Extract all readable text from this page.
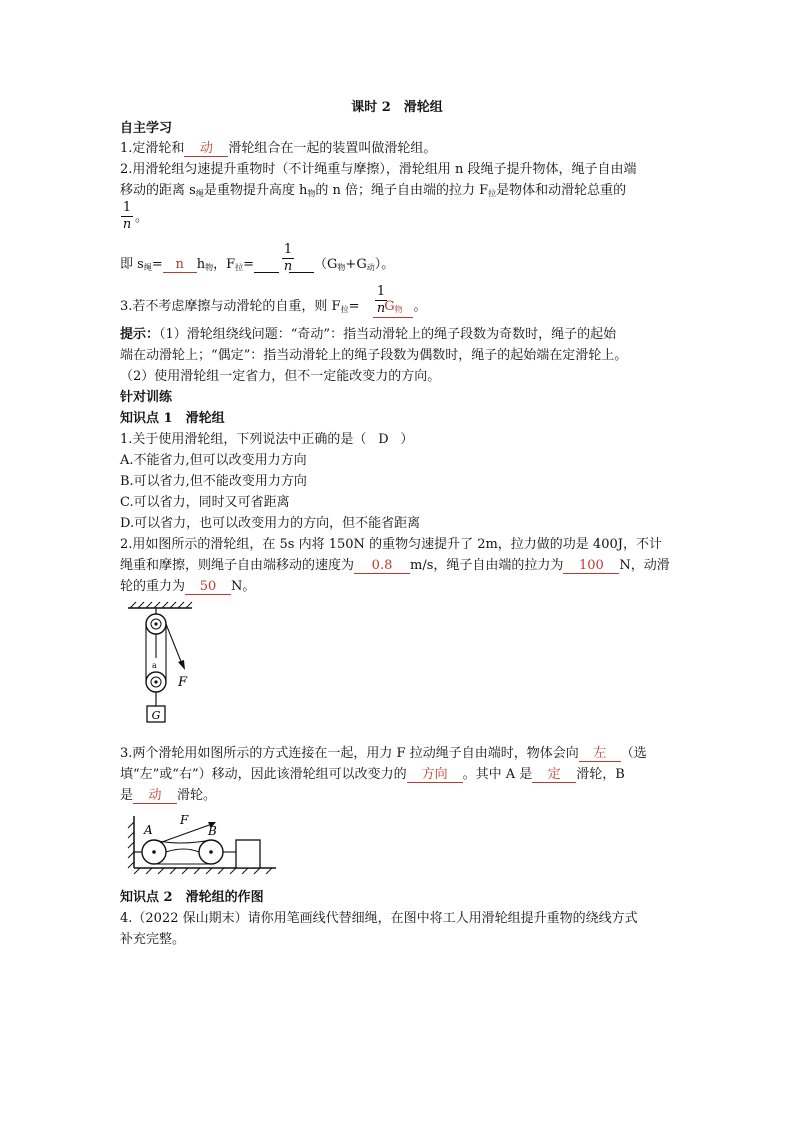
课时 2　滑轮组
自主学习
1.定滑轮和 动 滑轮组合在一起的装置叫做滑轮组。
2.用滑轮组匀速提升重物时（不计绳重与摩擦），滑轮组用 n 段绳子提升物体，绳子自由端
移动的距离 $s_绳$是重物提升高度 $h_物$的 n 倍；绳子自由端的拉力 $F_拉$是物体和动滑轮总重的
1
n 。
即 $s_绳= n$ $h_物$，$F_拉=$	$(G_物+G_动)$。
1
n
3.若不考虑摩擦与动滑轮的自重，则 $F_拉= G_物$ 。
1
n
提示：（1）滑轮组绕线问题：“奇动”：指当动滑轮上的绳子段数为奇数时，绳子的起始
端在动滑轮上；“偶定”：指当动滑轮上的绳子段数为偶数时，绳子的起始端在定滑轮上。
（2）使用滑轮组一定省力，但不一定能改变力的方向。
针对训练
知识点 1　滑轮组
1.关于使用滑轮组，下列说法中正确的是（ D ）
A.不能省力,但可以改变用力方向
B.可以省力,但不能改变用力方向
C.可以省力，同时又可省距离
D.可以省力，也可以改变用力的方向，但不能省距离
2.用如图所示的滑轮组，在 5s 内将 150N 的重物匀速提升了 2m，拉力做的功是 400J，不计
绳重和摩擦，则绳子自由端移动的速度为 0.8 m/s，绳子自由端的拉力为 100 N，动滑
轮的重力为 50 N。
F
a
G
3.两个滑轮用如图所示的方式连接在一起，用力 F 拉动绳子自由端时，物体会向 左 （选
填“左”或“右”）移动，因此该滑轮组可以改变力的 方向 。其中 A 是 定 滑轮，B
是 动 滑轮。
A	B
F
知识点 2　滑轮组的作图
4.（2022 保山期末）请你用笔画线代替细绳，在图中将工人用滑轮组提升重物的绕线方式
补充完整。
